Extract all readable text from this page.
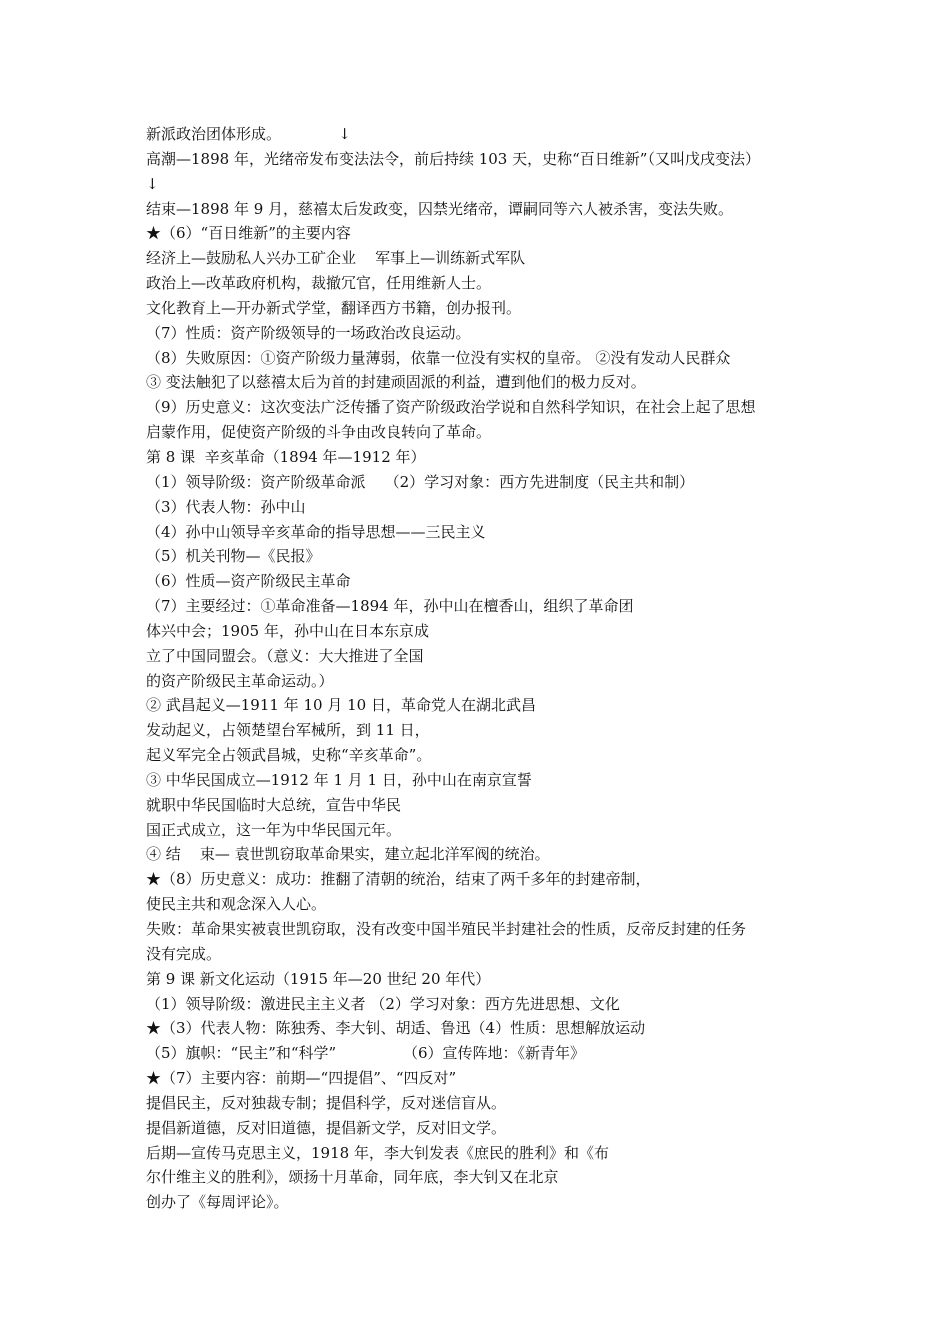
新派政治团体形成。            ↓

高潮—1898 年，光绪帝发布变法法令，前后持续 103 天，史称“百日维新”（又叫戊戌变法）

↓

结束—1898 年 9 月，慈禧太后发政变，囚禁光绪帝，谭嗣同等六人被杀害，变法失败。

★（6）“百日维新”的主要内容

经济上—鼓励私人兴办工矿企业    军事上—训练新式军队

政治上—改革政府机构，裁撤冗官，任用维新人士。

文化教育上—开办新式学堂，翻译西方书籍，创办报刊。

（7）性质：资产阶级领导的一场政治改良运动。

（8）失败原因：①资产阶级力量薄弱，依靠一位没有实权的皇帝。 ②没有发动人民群众

③ 变法触犯了以慈禧太后为首的封建顽固派的利益，遭到他们的极力反对。

（9）历史意义：这次变法广泛传播了资产阶级政治学说和自然科学知识，在社会上起了思想

启蒙作用，促使资产阶级的斗争由改良转向了革命。

第 8 课  辛亥革命（1894 年—1912 年）

（1）领导阶级：资产阶级革命派    （2）学习对象：西方先进制度（民主共和制）

（3）代表人物：孙中山

（4）孙中山领导辛亥革命的指导思想——三民主义

（5）机关刊物—《民报》

（6）性质—资产阶级民主革命

（7）主要经过：①革命准备—1894 年，孙中山在檀香山，组织了革命团

体兴中会；1905 年，孙中山在日本东京成

立了中国同盟会。（意义：大大推进了全国

的资产阶级民主革命运动。）

② 武昌起义—1911 年 10 月 10 日，革命党人在湖北武昌

发动起义，占领楚望台军械所，到 11 日，

起义军完全占领武昌城，史称“辛亥革命”。

③ 中华民国成立—1912 年 1 月 1 日，孙中山在南京宣誓

就职中华民国临时大总统，宣告中华民

国正式成立，这一年为中华民国元年。

④ 结    束— 袁世凯窃取革命果实，建立起北洋军阀的统治。

★（8）历史意义：成功：推翻了清朝的统治，结束了两千多年的封建帝制，

使民主共和观念深入人心。

失败：革命果实被袁世凯窃取，没有改变中国半殖民半封建社会的性质，反帝反封建的任务

没有完成。

第 9 课 新文化运动（1915 年—20 世纪 20 年代）

（1）领导阶级：激进民主主义者 （2）学习对象：西方先进思想、文化

★（3）代表人物：陈独秀、李大钊、胡适、鲁迅（4）性质：思想解放运动

（5）旗帜：“民主”和“科学”              （6）宣传阵地：《新青年》

★（7）主要内容：前期—“四提倡”、“四反对”

提倡民主，反对独裁专制；提倡科学，反对迷信盲从。

提倡新道德，反对旧道德，提倡新文学，反对旧文学。

后期—宣传马克思主义，1918 年，李大钊发表《庶民的胜利》和《布

尔什维主义的胜利》，颂扬十月革命，同年底，李大钊又在北京

创办了《每周评论》。
